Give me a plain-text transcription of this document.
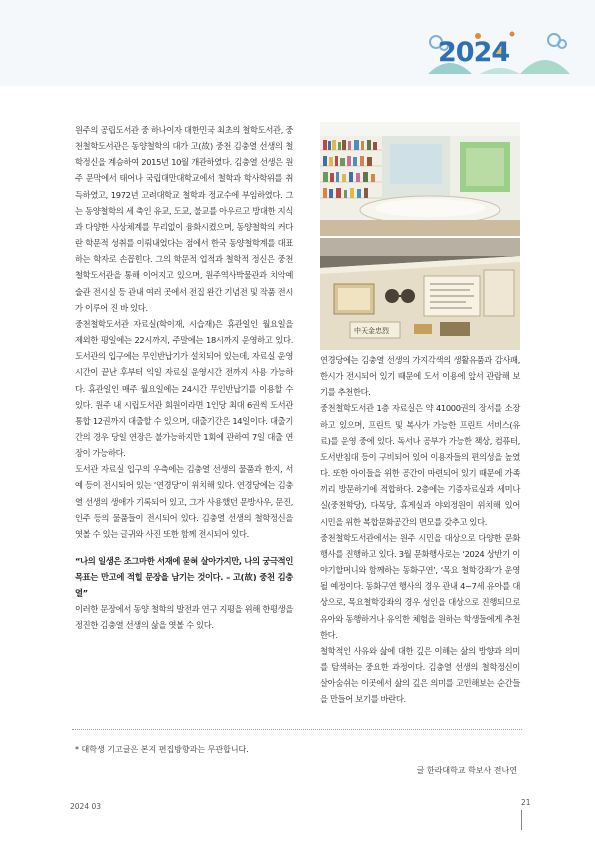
2024

원주의 공립도서관 중 하나이자 대한민국 최초의 철학도서관, 중천철학도서관은 동양철학의 대가 고(故) 중천 김충열 선생의 철학정신을 계승하여 2015년 10월 개관하였다. 김충열 선생은 원주 문막에서 태어나 국립대만대학교에서 철학과 학사학위를 취득하였고, 1972년 고려대학교 철학과 정교수에 부임하였다. 그는 동양철학의 세 축인 유교, 도교, 불교를 아우르고 방대한 지식과 다양한 사상체계를 무리없이 융화시켰으며, 동양철학의 커다란 학문적 성취를 이뤄내었다는 점에서 한국 동양철학계를 대표하는 학자로 손꼽힌다. 그의 학문적 업적과 철학적 정신은 중천철학도서관을 통해 이어지고 있으며, 원주역사박물관과 치악예술관 전시실 등 관내 여러 곳에서 전집 완간 기념전 및 작품 전시가 이루어 진 바 있다.

중천철학도서관 자료실(학이재, 시습재)은 휴관일인 월요일을 제외한 평일에는 22시까지, 주말에는 18시까지 운영하고 있다. 도서관의 입구에는 무인반납기가 설치되어 있는데, 자료실 운영시간이 끝난 후부터 익일 자료실 운영시간 전까지 사용 가능하다. 휴관일인 매주 월요일에는 24시간 무인반납기를 이용할 수 있다. 원주 내 시립도서관 회원이라면 1인당 최대 6권씩 도서관 통합 12권까지 대출할 수 있으며, 대출기간은 14일이다. 대출기간의 경우 당일 연장은 불가능하지만 1회에 관하여 7일 대출 연장이 가능하다.

도서관 자료실 입구의 우측에는 김충열 선생의 물품과 한지, 서예 등이 전시되어 있는 ‘연경당’이 위치해 있다. 연경당에는 김충열 선생의 생애가 기록되어 있고, 그가 사용했던 문방사우, 문진, 인주 등의 물품들이 전시되어 있다. 김충열 선생의 철학정신을 엿볼 수 있는 글귀와 사진 또한 함께 전시되어 있다.

“나의 일생은 조그마한 서재에 묻혀 살아가지만, 나의 궁극적인 목표는 만고에 적힐 문장을 남기는 것이다. – 고(故) 중천 김충열”

이러한 문장에서 동양 철학의 발전과 연구 지평을 위해 한평생을 정진한 김충열 선생의 삶을 엿볼 수 있다.

中天金忠烈

연경당에는 김충열 선생의 가지각색의 생활유품과 감사패, 한시가 전시되어 있기 때문에 도서 이용에 앞서 관람해 보기를 추천한다.

중천철학도서관 1층 자료실은 약 41000권의 장서를 소장하고 있으며, 프린트 및 복사가 가능한 프린트 서비스(유료)를 운영 중에 있다. 독서나 공부가 가능한 책상, 컴퓨터, 도서반침대 등이 구비되어 있어 이용자들의 편의성을 높였다. 또한 아이들을 위한 공간이 마련되어 있기 때문에 가족끼리 방문하기에 적합하다. 2층에는 기증자료실과 세미나실(중천학당), 다목당, 휴게실과 야외정원이 위치해 있어 시민을 위한 복합문화공간의 면모를 갖추고 있다.

중천철학도서관에서는 원주 시민을 대상으로 다양한 문화행사를 진행하고 있다. 3월 문화행사로는 ‘2024 상반기 이야기할머니와 함께하는 동화구연’, ‘목요 철학강좌’가 운영될 예정이다. 동화구연 행사의 경우 관내 4~7세 유아를 대상으로, 목요철학강좌의 경우 성인을 대상으로 진행되므로 유아와 동행하거나 유익한 체험을 원하는 학생들에게 추천한다.

철학적인 사유와 삶에 대한 깊은 이해는 삶의 방향과 의미를 탐색하는 중요한 과정이다. 김충열 선생의 철학정신이 살아숨쉬는 이곳에서 삶의 깊은 의미를 고민해보는 순간들을 만들어 보기를 바란다.

* 대학생 기고글은 본지 편집방향과는 무관합니다.
글 한라대학교 학보사 전나연
2024 03	21
